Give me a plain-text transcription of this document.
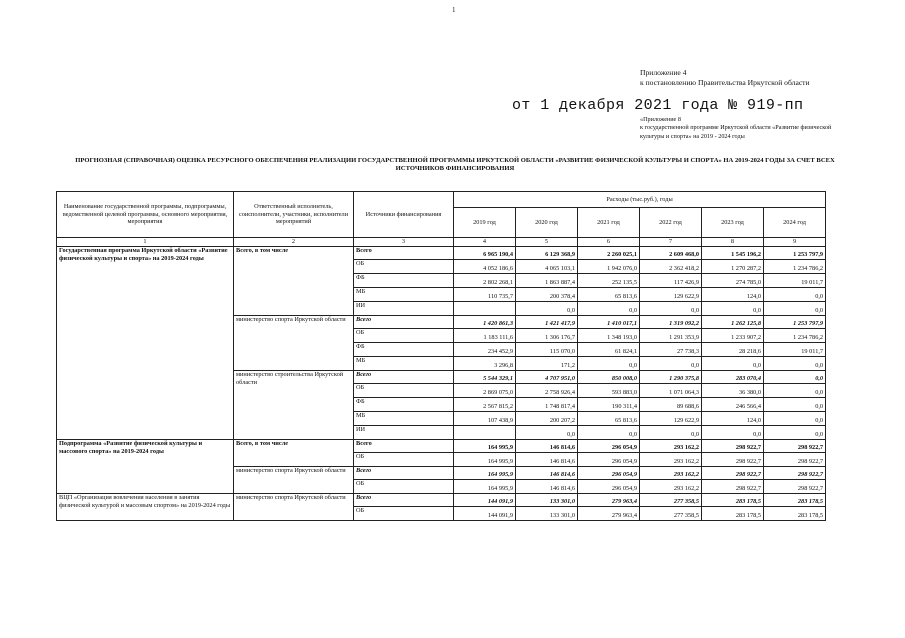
1
Приложение 4
к постановлению Правительства Иркутской области
от 1 декабря 2021 года № 919-пп
«Приложение 8
к государственной программе Иркутской области «Развитие физической культуры и спорта» на 2019 - 2024 годы
ПРОГНОЗНАЯ (СПРАВОЧНАЯ) ОЦЕНКА РЕСУРСНОГО ОБЕСПЕЧЕНИЯ РЕАЛИЗАЦИИ ГОСУДАРСТВЕННОЙ ПРОГРАММЫ ИРКУТСКОЙ ОБЛАСТИ «РАЗВИТИЕ ФИЗИЧЕСКОЙ КУЛЬТУРЫ И СПОРТА» НА 2019-2024 ГОДЫ ЗА СЧЕТ ВСЕХ ИСТОЧНИКОВ ФИНАНСИРОВАНИЯ
Наименование государственной программы, подпрограммы, ведомственной целевой программы, основного мероприятия, мероприятия	Ответственный исполнитель, соисполнители, участники, исполнители мероприятий	Источники финансирования	Расходы (тыс.руб.), годы					
			2019 год	2020 год	2021 год	2022 год	2023 год	2024 год
1	2	3	4	5	6	7	8	9
Государственная программа Иркутской области «Развитие физической культуры и спорта» на 2019-2024 годы	Всего, в том числе	Всего	6 965 190,4	6 129 368,9	2 260 025,1	2 609 468,0	1 545 196,2	1 253 797,9
		ОБ	4 052 186,6	4 065 103,1	1 942 076,0	2 362 418,2	1 270 287,2	1 234 786,2
		ФБ	2 802 268,1	1 863 887,4	252 135,5	117 426,9	274 785,0	19 011,7
		МБ	110 735,7	200 378,4	65 813,6	129 622,9	124,0	0,0
		ИИ		0,0	0,0	0,0	0,0	0,0
	министерство спорта Иркутской области	Всего	1 420 861,3	1 421 417,9	1 410 017,1	1 319 092,2	1 262 125,8	1 253 797,9
		ОБ	1 183 111,6	1 306 176,7	1 348 193,0	1 291 353,9	1 233 907,2	1 234 786,2
		ФБ	234 452,9	115 070,0	61 824,1	27 738,3	28 218,6	19 011,7
		МБ	3 296,8	171,2	0,0	0,0	0,0	0,0
	министерство строительства Иркутской области	Всего	5 544 329,1	4 707 951,0	850 008,0	1 290 375,8	283 070,4	0,0
		ОБ	2 869 075,0	2 758 926,4	593 883,0	1 071 064,3	36 380,0	0,0
		ФБ	2 567 815,2	1 748 817,4	190 311,4	89 688,6	246 566,4	0,0
		МБ	107 438,9	200 207,2	65 813,6	129 622,9	124,0	0,0
		ИИ		0,0	0,0	0,0	0,0	0,0
Подпрограмма «Развитие физической культуры и массового спорта» на 2019-2024 годы	Всего, в том числе	Всего	164 995,9	146 814,6	296 054,9	293 162,2	298 922,7	298 922,7
		ОБ	164 995,9	146 814,6	296 054,9	293 162,2	298 922,7	298 922,7
	министерство спорта Иркутской области	Всего	164 995,9	146 814,6	296 054,9	293 162,2	298 922,7	298 922,7
		ОБ	164 995,9	146 814,6	296 054,9	293 162,2	298 922,7	298 922,7
ВЦП «Организация вовлечения населения в занятия физической культурой и массовым спортом» на 2019-2024 годы	министерство спорта Иркутской области	Всего	144 091,9	133 301,0	279 963,4	277 358,5	283 178,5	283 178,5
		ОБ	144 091,9	133 301,0	279 963,4	277 358,5	283 178,5	283 178,5
